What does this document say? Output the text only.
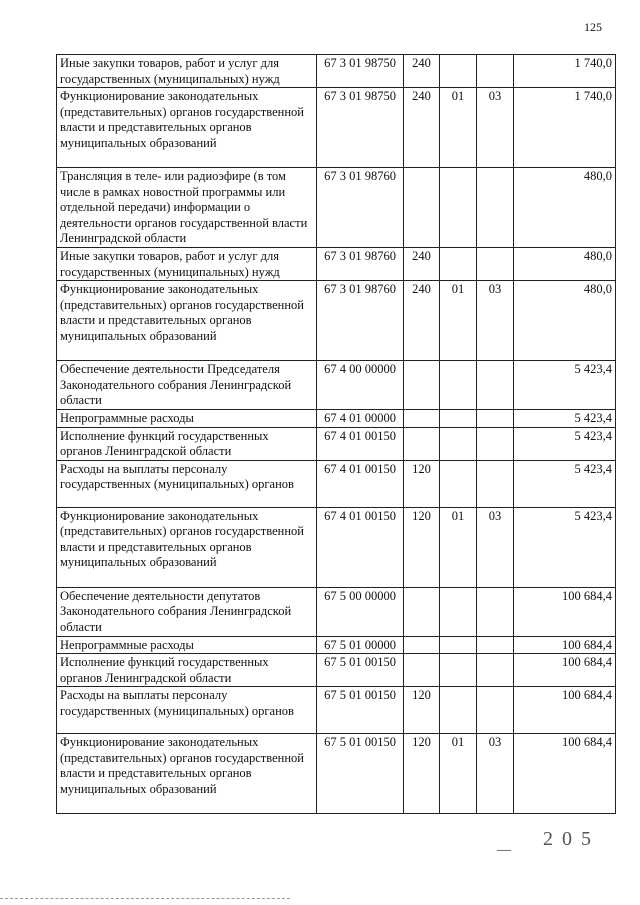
125
Иные закупки товаров, работ и услуг для государственных (муниципальных) нужд	67 3 01 98750	240			1 740,0
Функционирование законодательных (представительных) органов государственной власти и представительных органов муниципальных образований	67 3 01 98750	240	01	03	1 740,0
Трансляция в теле- или радиоэфире (в том числе в рамках новостной программы или отдельной передачи) информации о деятельности органов государственной власти Ленинградской области	67 3 01 98760				480,0
Иные закупки товаров, работ и услуг для государственных (муниципальных) нужд	67 3 01 98760	240			480,0
Функционирование законодательных (представительных) органов государственной власти и представительных органов муниципальных образований	67 3 01 98760	240	01	03	480,0
Обеспечение деятельности Председателя Законодательного собрания Ленинградской области	67 4 00 00000				5 423,4
Непрограммные расходы	67 4 01 00000				5 423,4
Исполнение функций государственных органов Ленинградской области	67 4 01 00150				5 423,4
Расходы на выплаты персоналу государственных (муниципальных) органов	67 4 01 00150	120			5 423,4
Функционирование законодательных (представительных) органов государственной власти и представительных органов муниципальных образований	67 4 01 00150	120	01	03	5 423,4
Обеспечение деятельности депутатов Законодательного собрания Ленинградской области	67 5 00 00000				100 684,4
Непрограммные расходы	67 5 01 00000				100 684,4
Исполнение функций государственных органов Ленинградской области	67 5 01 00150				100 684,4
Расходы на выплаты персоналу государственных (муниципальных) органов	67 5 01 00150	120			100 684,4
Функционирование законодательных (представительных) органов государственной власти и представительных органов муниципальных образований	67 5 01 00150	120	01	03	100 684,4
2 0 5
